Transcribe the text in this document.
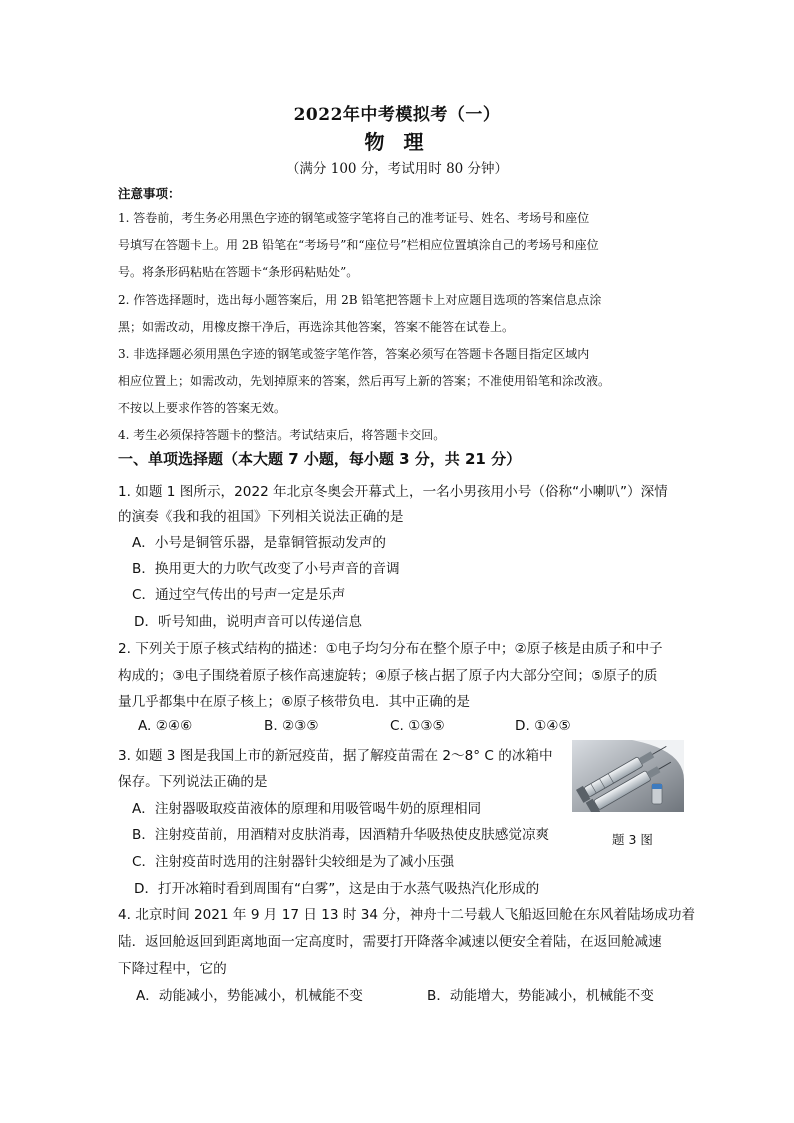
2022年中考模拟考（一）
物 理
（满分 100 分，考试用时 80 分钟）
注意事项：
1. 答卷前，考生务必用黑色字迹的钢笔或签字笔将自己的准考证号、姓名、考场号和座位
号填写在答题卡上。用 2B 铅笔在“考场号”和“座位号”栏相应位置填涂自己的考场号和座位
号。将条形码粘贴在答题卡“条形码粘贴处”。
2. 作答选择题时，选出每小题答案后，用 2B 铅笔把答题卡上对应题目选项的答案信息点涂
黑；如需改动，用橡皮擦干净后，再选涂其他答案，答案不能答在试卷上。
3. 非选择题必须用黑色字迹的钢笔或签字笔作答，答案必须写在答题卡各题目指定区域内
相应位置上；如需改动，先划掉原来的答案，然后再写上新的答案；不准使用铅笔和涂改液。
不按以上要求作答的答案无效。
4. 考生必须保持答题卡的整洁。考试结束后，将答题卡交回。
一、单项选择题（本大题 7 小题，每小题 3 分，共 21 分）
1. 如题 1 图所示，2022 年北京冬奥会开幕式上，一名小男孩用小号（俗称“小喇叭”）深情
的演奏《我和我的祖国》下列相关说法正确的是
A．小号是铜管乐器，是靠铜管振动发声的
B．换用更大的力吹气改变了小号声音的音调
C．通过空气传出的号声一定是乐声
D．听号知曲，说明声音可以传递信息
2. 下列关于原子核式结构的描述：①电子均匀分布在整个原子中；②原子核是由质子和中子
构成的；③电子围绕着原子核作高速旋转；④原子核占据了原子内大部分空间；⑤原子的质
量几乎都集中在原子核上；⑥原子核带负电．其中正确的是
A. ②④⑥	B. ②③⑤	C. ①③⑤	D. ①④⑤
3. 如题 3 图是我国上市的新冠疫苗，据了解疫苗需在 2～8° C 的冰箱中
保存。下列说法正确的是
A．注射器吸取疫苗液体的原理和用吸管喝牛奶的原理相同
B．注射疫苗前，用酒精对皮肤消毒，因酒精升华吸热使皮肤感觉凉爽
C．注射疫苗时选用的注射器针尖较细是为了减小压强
D．打开冰箱时看到周围有“白雾”，这是由于水蒸气吸热汽化形成的
题 3 图
4. 北京时间 2021 年 9 月 17 日 13 时 34 分，神舟十二号载人飞船返回舱在东风着陆场成功着
陆．返回舱返回到距离地面一定高度时，需要打开降落伞减速以便安全着陆，在返回舱减速
下降过程中，它的
A．动能减小，势能减小，机械能不变	B．动能增大，势能减小，机械能不变
